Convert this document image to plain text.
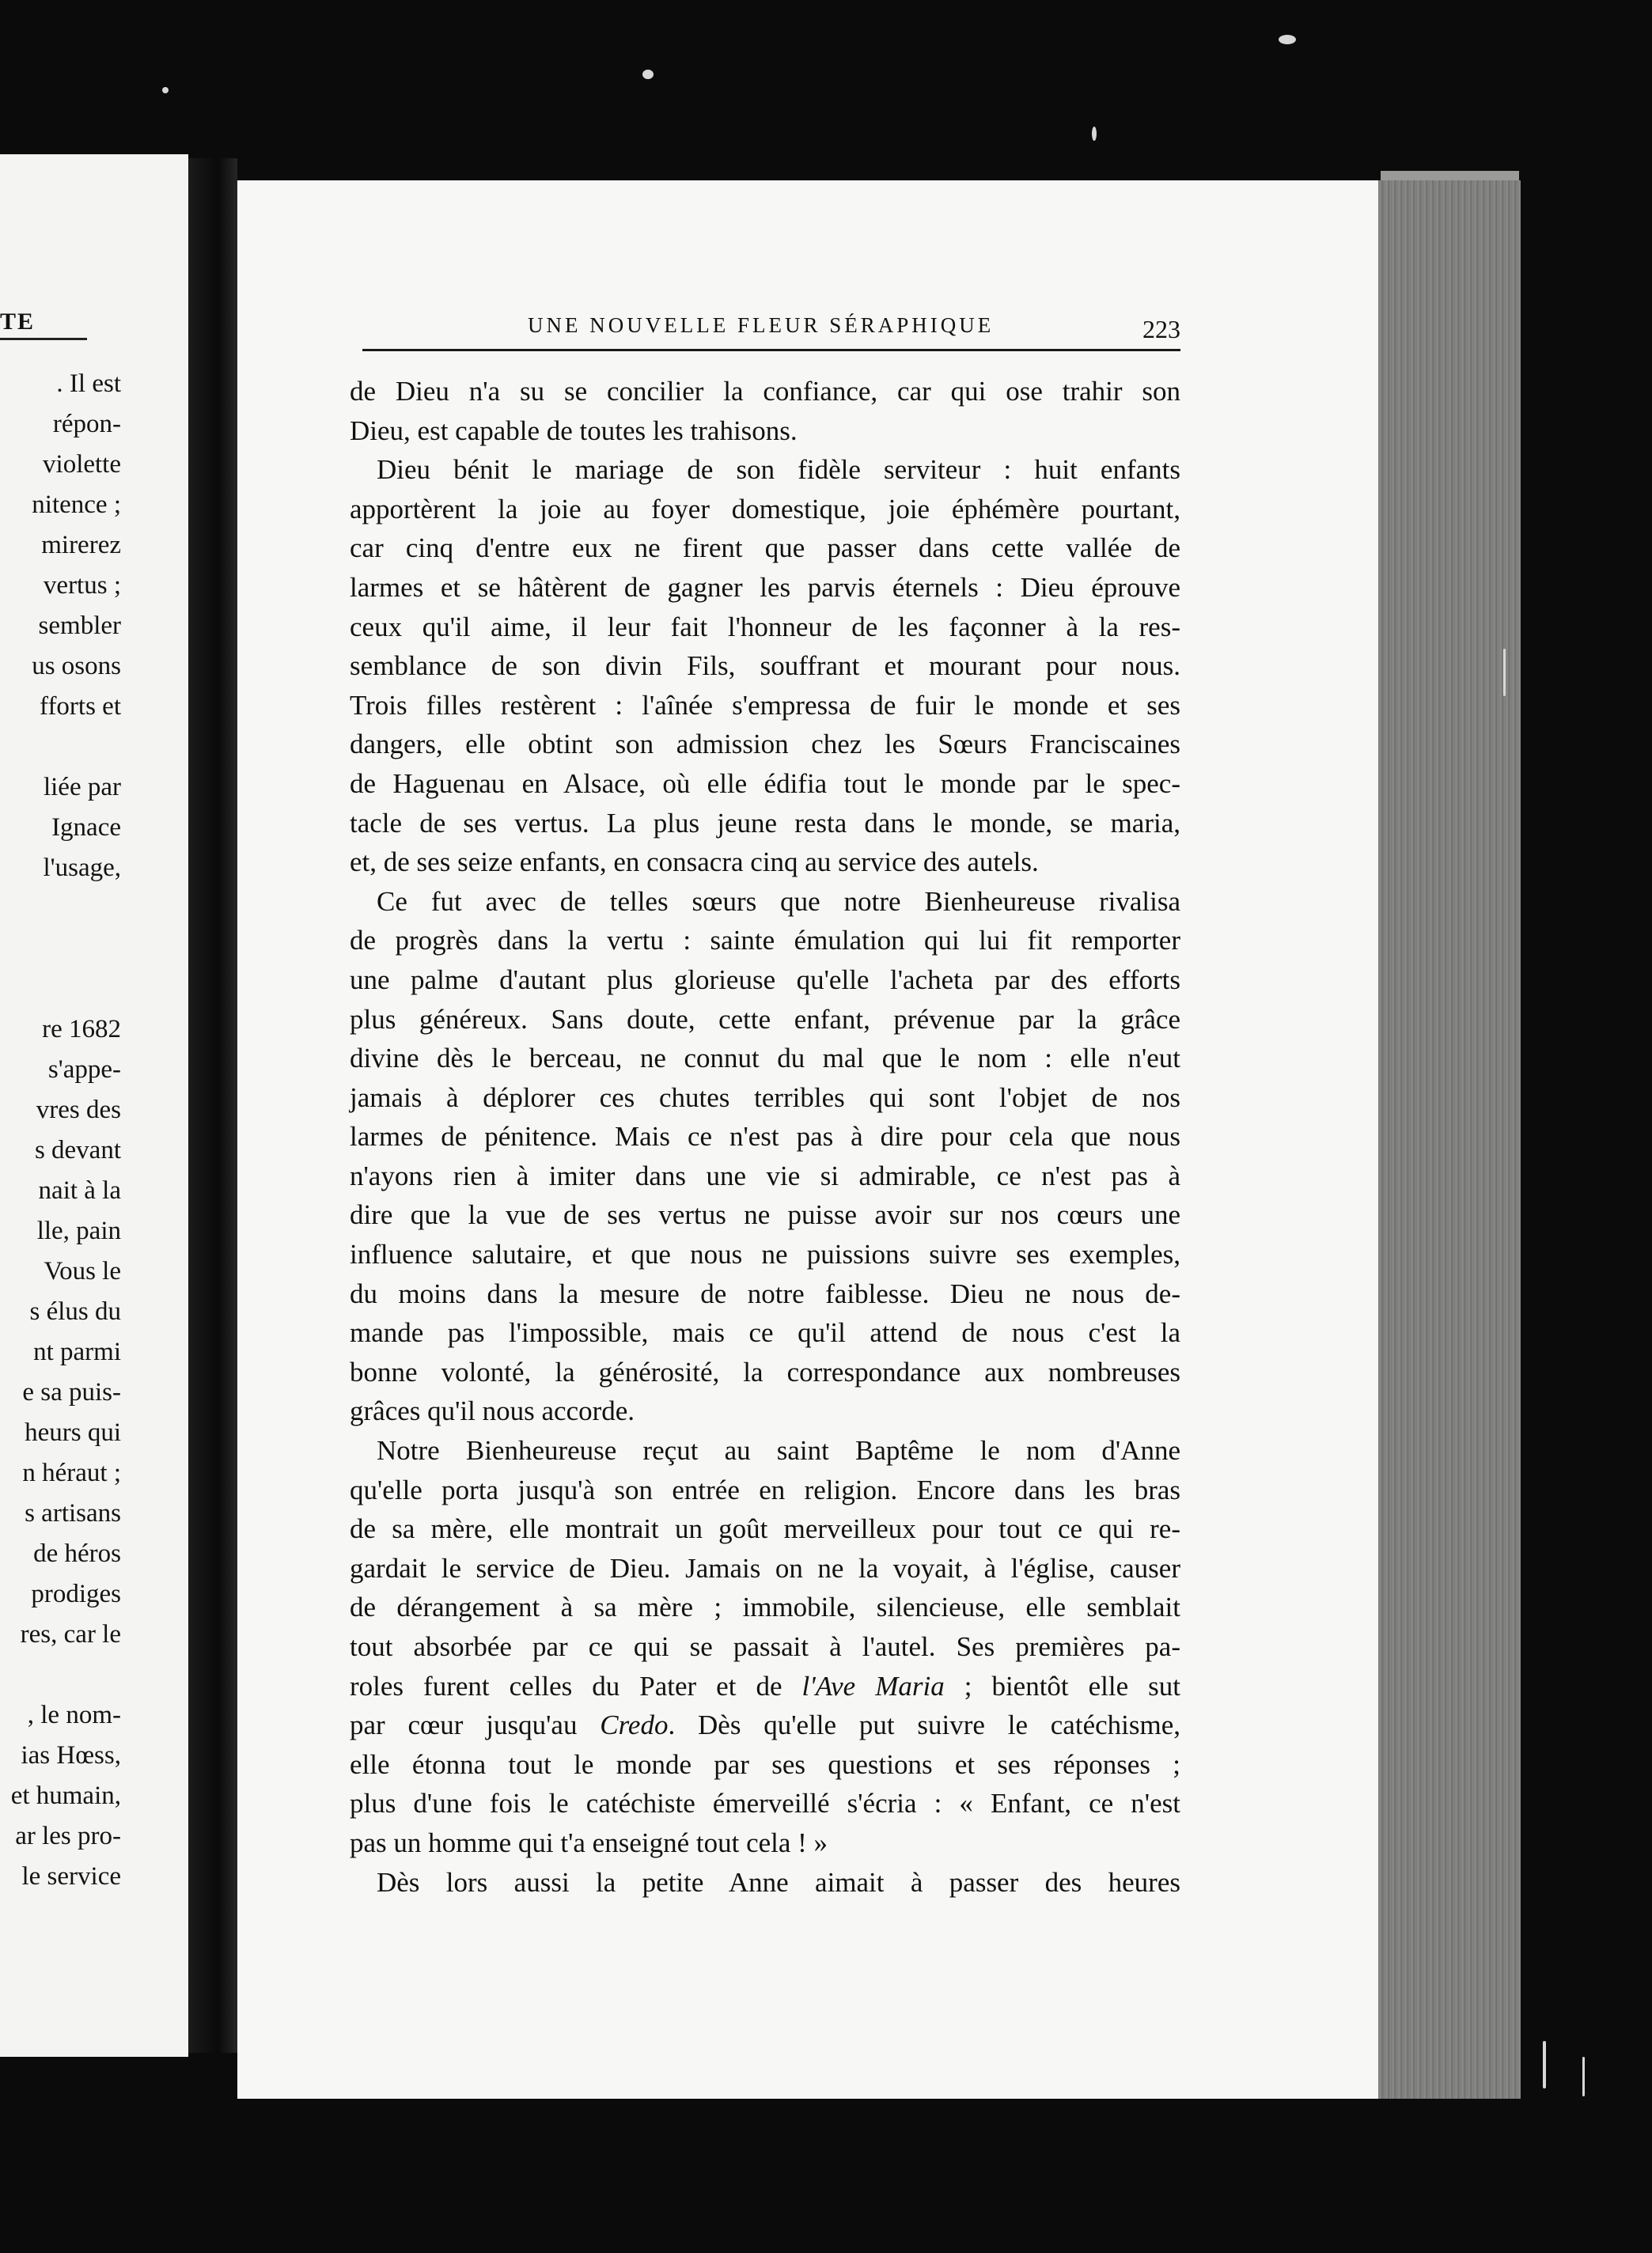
TE
. Il est
répon-
violette
nitence ;
mirerez
vertus ;
sembler
us osons
fforts et
liée par
Ignace
l'usage,
re 1682
s'appe-
vres des
s devant
nait à la
lle, pain
Vous le
s élus du
nt parmi
e sa puis-
heurs qui
n héraut ;
s artisans
de héros
prodiges
res, car le
, le nom-
ias Hœss,
et humain,
ar les pro-
le service
UNE NOUVELLE FLEUR SÉRAPHIQUE	223
de Dieu n'a su se concilier la confiance, car qui ose trahir son
Dieu, est capable de toutes les trahisons.
Dieu bénit le mariage de son fidèle serviteur : huit enfants
apportèrent la joie au foyer domestique, joie éphémère pourtant,
car cinq d'entre eux ne firent que passer dans cette vallée de
larmes et se hâtèrent de gagner les parvis éternels : Dieu éprouve
ceux qu'il aime, il leur fait l'honneur de les façonner à la res-
semblance de son divin Fils, souffrant et mourant pour nous.
Trois filles restèrent : l'aînée s'empressa de fuir le monde et ses
dangers, elle obtint son admission chez les Sœurs Franciscaines
de Haguenau en Alsace, où elle édifia tout le monde par le spec-
tacle de ses vertus. La plus jeune resta dans le monde, se maria,
et, de ses seize enfants, en consacra cinq au service des autels.
Ce fut avec de telles sœurs que notre Bienheureuse rivalisa
de progrès dans la vertu : sainte émulation qui lui fit remporter
une palme d'autant plus glorieuse qu'elle l'acheta par des efforts
plus généreux. Sans doute, cette enfant, prévenue par la grâce
divine dès le berceau, ne connut du mal que le nom : elle n'eut
jamais à déplorer ces chutes terribles qui sont l'objet de nos
larmes de pénitence. Mais ce n'est pas à dire pour cela que nous
n'ayons rien à imiter dans une vie si admirable, ce n'est pas à
dire que la vue de ses vertus ne puisse avoir sur nos cœurs une
influence salutaire, et que nous ne puissions suivre ses exemples,
du moins dans la mesure de notre faiblesse. Dieu ne nous de-
mande pas l'impossible, mais ce qu'il attend de nous c'est la
bonne volonté, la générosité, la correspondance aux nombreuses
grâces qu'il nous accorde.
Notre Bienheureuse reçut au saint Baptême le nom d'Anne
qu'elle porta jusqu'à son entrée en religion. Encore dans les bras
de sa mère, elle montrait un goût merveilleux pour tout ce qui re-
gardait le service de Dieu. Jamais on ne la voyait, à l'église, causer
de dérangement à sa mère ; immobile, silencieuse, elle semblait
tout absorbée par ce qui se passait à l'autel. Ses premières pa-
roles furent celles du Pater et de l'Ave Maria ; bientôt elle sut
par cœur jusqu'au Credo. Dès qu'elle put suivre le catéchisme,
elle étonna tout le monde par ses questions et ses réponses ;
plus d'une fois le catéchiste émerveillé s'écria : « Enfant, ce n'est
pas un homme qui t'a enseigné tout cela ! »
Dès lors aussi la petite Anne aimait à passer des heures
